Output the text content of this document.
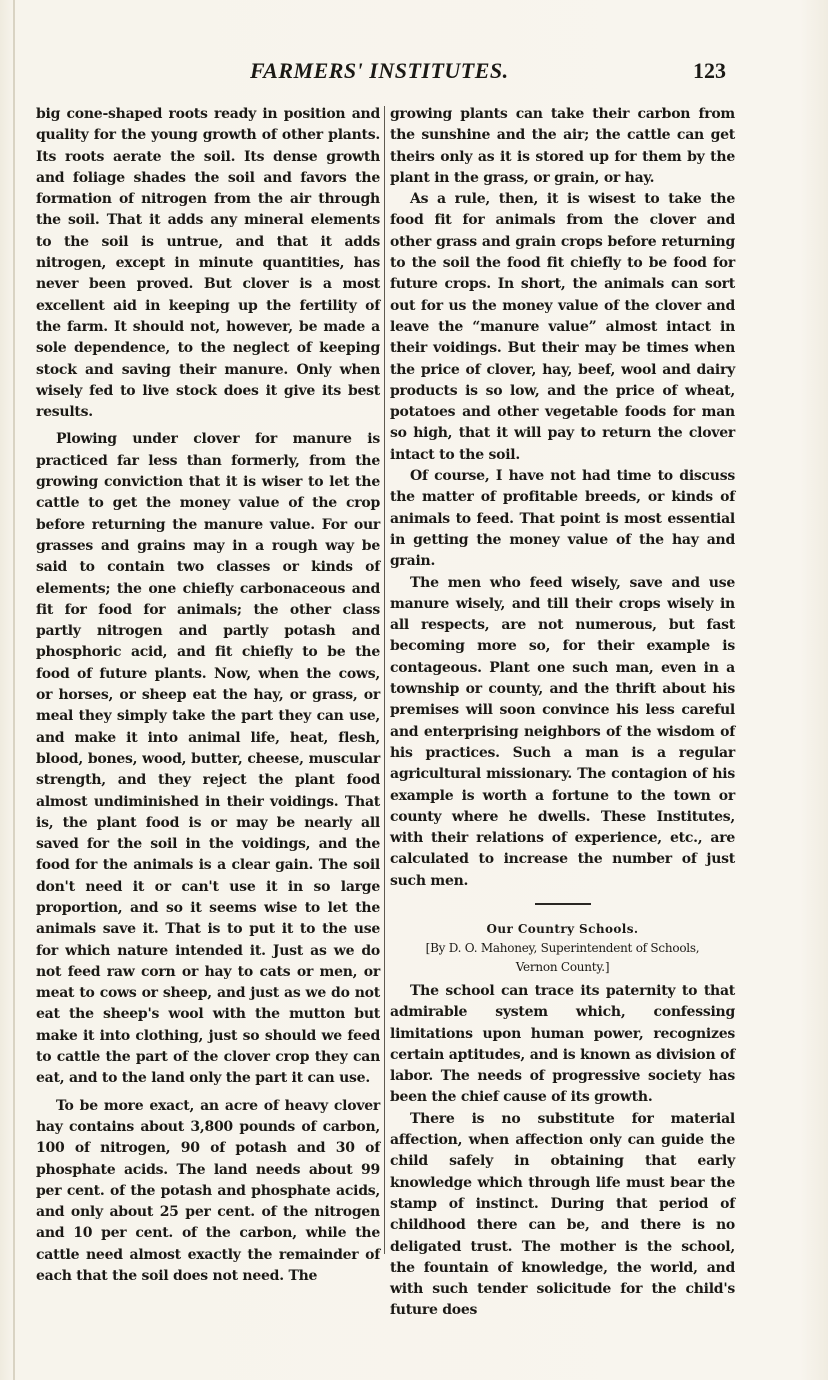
FARMERS' INSTITUTES.	123

big cone-shaped roots ready in position and quality for the young growth of other plants. Its roots aerate the soil. Its dense growth and foliage shades the soil and favors the formation of nitrogen from the air through the soil. That it adds any mineral elements to the soil is untrue, and that it adds nitrogen, except in minute quantities, has never been proved. But clover is a most excellent aid in keeping up the fertility of the farm. It should not, however, be made a sole dependence, to the neglect of keeping stock and saving their manure. Only when wisely fed to live stock does it give its best results.

Plowing under clover for manure is practiced far less than formerly, from the growing conviction that it is wiser to let the cattle to get the money value of the crop before returning the manure value. For our grasses and grains may in a rough way be said to contain two classes or kinds of elements; the one chiefly carbonaceous and fit for food for animals; the other class partly nitrogen and partly potash and phosphoric acid, and fit chiefly to be the food of future plants. Now, when the cows, or horses, or sheep eat the hay, or grass, or meal they simply take the part they can use, and make it into animal life, heat, flesh, blood, bones, wood, butter, cheese, muscular strength, and they reject the plant food almost undiminished in their voidings. That is, the plant food is or may be nearly all saved for the soil in the voidings, and the food for the animals is a clear gain. The soil don't need it or can't use it in so large proportion, and so it seems wise to let the animals save it. That is to put it to the use for which nature intended it. Just as we do not feed raw corn or hay to cats or men, or meat to cows or sheep, and just as we do not eat the sheep's wool with the mutton but make it into clothing, just so should we feed to cattle the part of the clover crop they can eat, and to the land only the part it can use.

To be more exact, an acre of heavy clover hay contains about 3,800 pounds of carbon, 100 of nitrogen, 90 of potash and 30 of phosphate acids. The land needs about 99 per cent. of the potash and phosphate acids, and only about 25 per cent. of the nitrogen and 10 per cent. of the carbon, while the cattle need almost exactly the remainder of each that the soil does not need. The

growing plants can take their carbon from the sunshine and the air; the cattle can get theirs only as it is stored up for them by the plant in the grass, or grain, or hay.

As a rule, then, it is wisest to take the food fit for animals from the clover and other grass and grain crops before returning to the soil the food fit chiefly to be food for future crops. In short, the animals can sort out for us the money value of the clover and leave the “manure value” almost intact in their voidings. But their may be times when the price of clover, hay, beef, wool and dairy products is so low, and the price of wheat, potatoes and other vegetable foods for man so high, that it will pay to return the clover intact to the soil.

Of course, I have not had time to discuss the matter of profitable breeds, or kinds of animals to feed. That point is most essential in getting the money value of the hay and grain.

The men who feed wisely, save and use manure wisely, and till their crops wisely in all respects, are not numerous, but fast becoming more so, for their example is contageous. Plant one such man, even in a township or county, and the thrift about his premises will soon convince his less careful and enterprising neighbors of the wisdom of his practices. Such a man is a regular agricultural missionary. The contagion of his example is worth a fortune to the town or county where he dwells. These Institutes, with their relations of experience, etc., are calculated to increase the number of just such men.

Our Country Schools.
[By D. O. Mahoney, Superintendent of Schools,
Vernon County.]

The school can trace its paternity to that admirable system which, confessing limitations upon human power, recognizes certain aptitudes, and is known as division of labor. The needs of progressive society has been the chief cause of its growth.

There is no substitute for material affection, when affection only can guide the child safely in obtaining that early knowledge which through life must bear the stamp of instinct. During that period of childhood there can be, and there is no deligated trust. The mother is the school, the fountain of knowledge, the world, and with such tender solicitude for the child's future does
